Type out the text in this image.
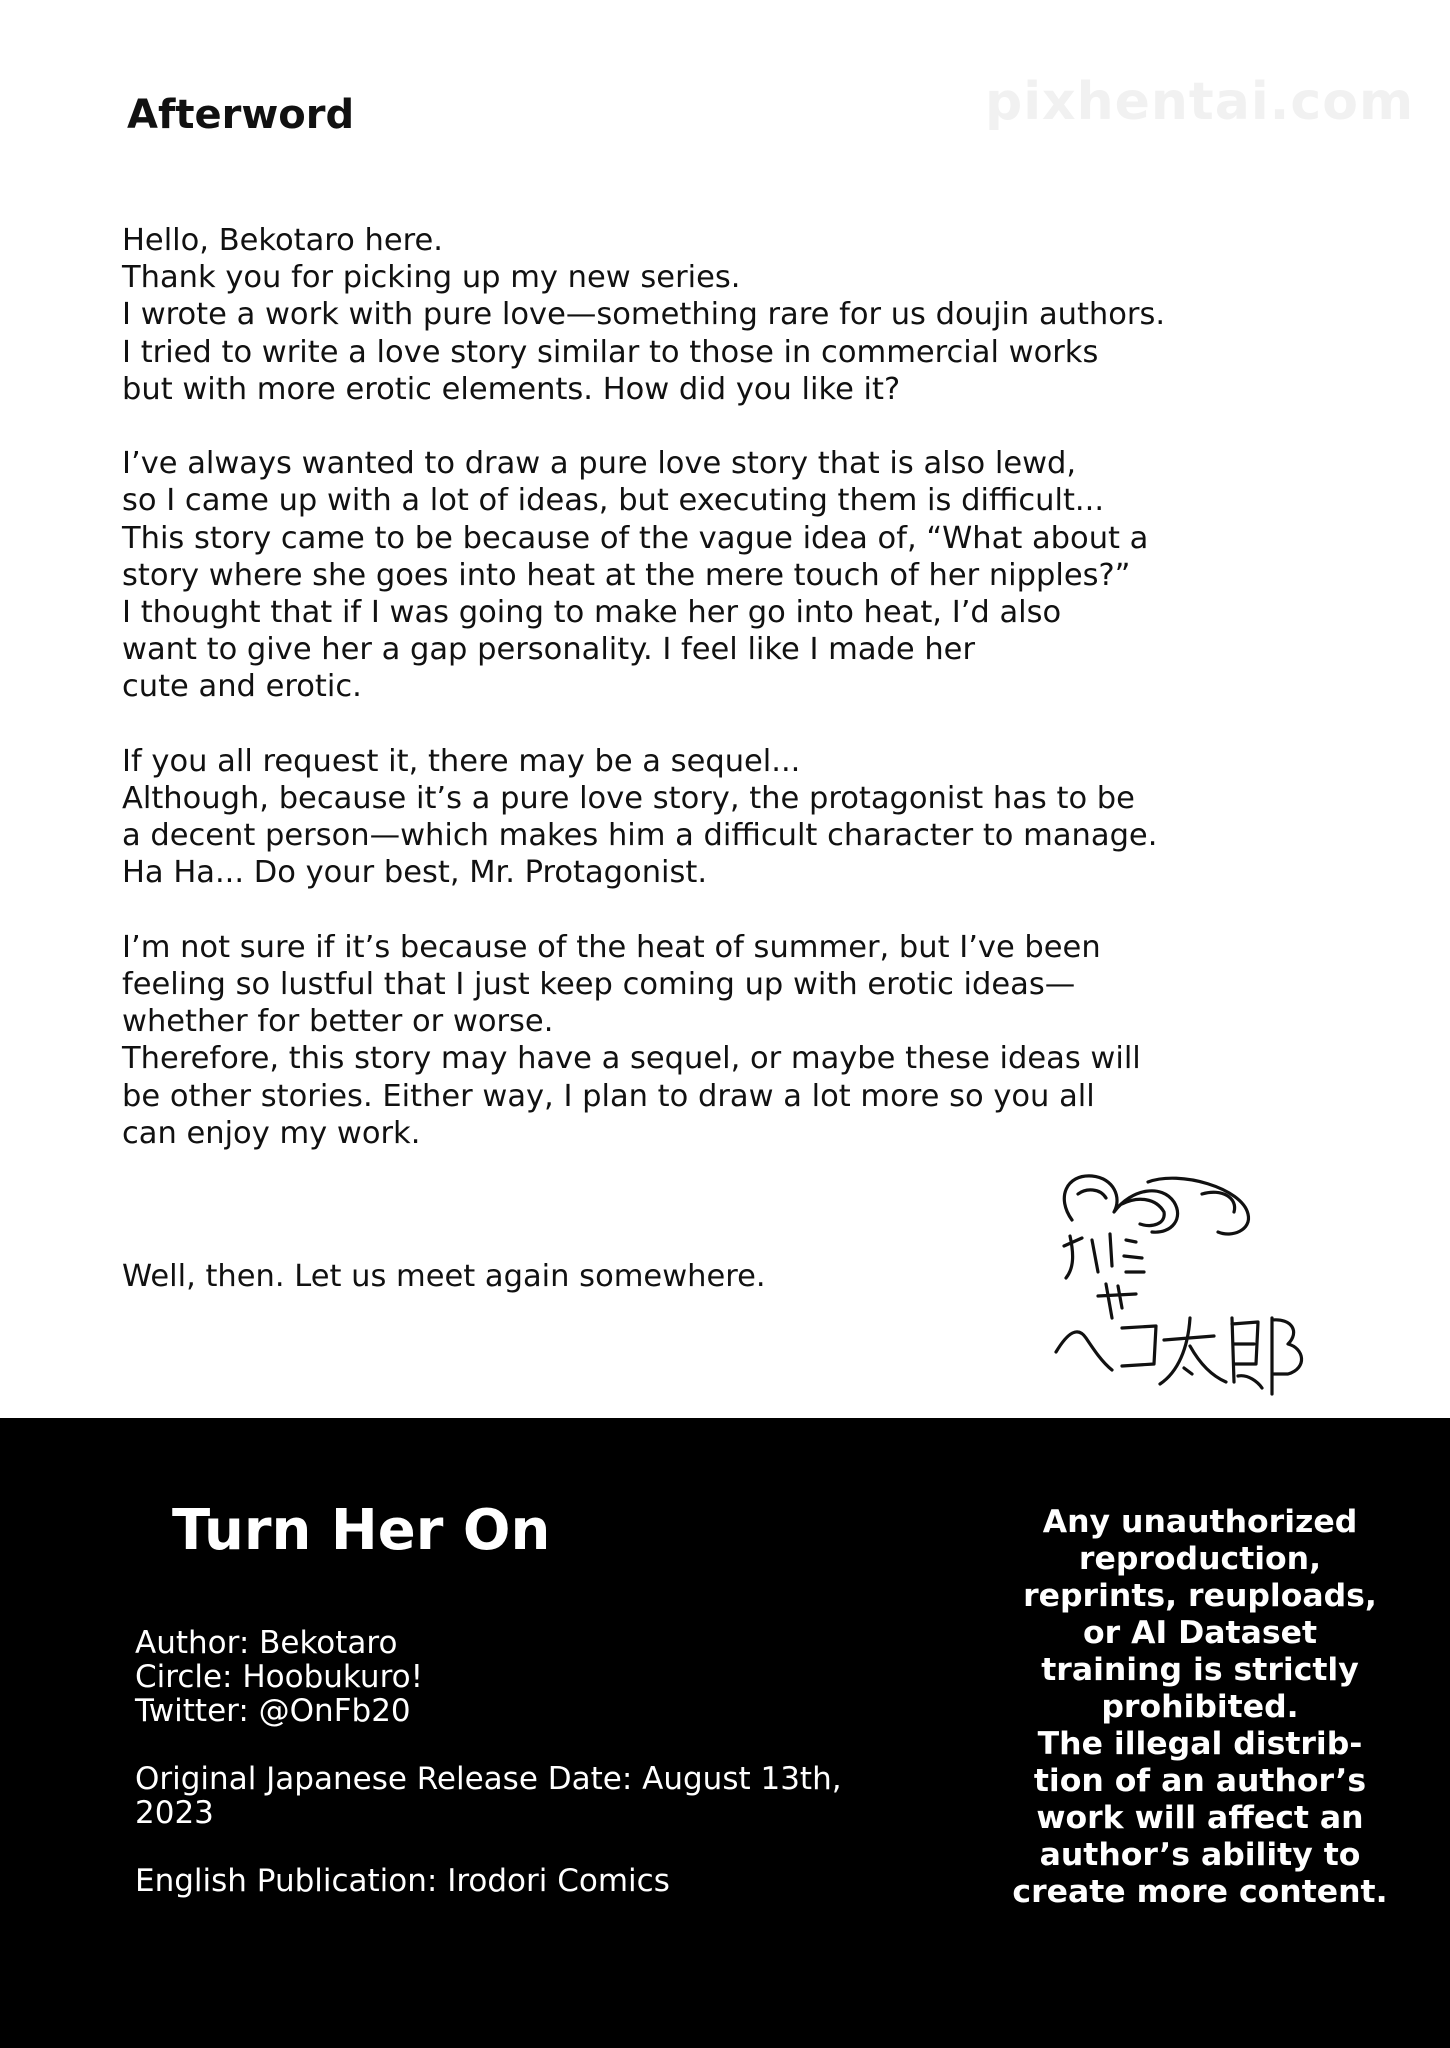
pixhentai.com
Afterword
Hello, Bekotaro here.
Thank you for picking up my new series.
I wrote a work with pure love—something rare for us doujin authors.
I tried to write a love story similar to those in commercial works
but with more erotic elements. How did you like it?
I’ve always wanted to draw a pure love story that is also lewd,
so I came up with a lot of ideas, but executing them is difficult...
This story came to be because of the vague idea of, “What about a
story where she goes into heat at the mere touch of her nipples?”
I thought that if I was going to make her go into heat, I’d also
want to give her a gap personality. I feel like I made her
cute and erotic.
If you all request it, there may be a sequel...
Although, because it’s a pure love story, the protagonist has to be
a decent person—which makes him a difficult character to manage.
Ha Ha... Do your best, Mr. Protagonist.
I’m not sure if it’s because of the heat of summer, but I’ve been
feeling so lustful that I just keep coming up with erotic ideas—
whether for better or worse.
Therefore, this story may have a sequel, or maybe these ideas will
be other stories. Either way, I plan to draw a lot more so you all
can enjoy my work.
Well, then. Let us meet again somewhere.
Turn Her On
Author: Bekotaro
Circle: Hoobukuro!
Twitter: @OnFb20
Original Japanese Release Date: August 13th,
2023
English Publication: Irodori Comics
Any unauthorized
reproduction,
reprints, reuploads,
or AI Dataset
training is strictly
prohibited.
The illegal distrib-
tion of an author’s
work will affect an
author’s ability to
create more content.
